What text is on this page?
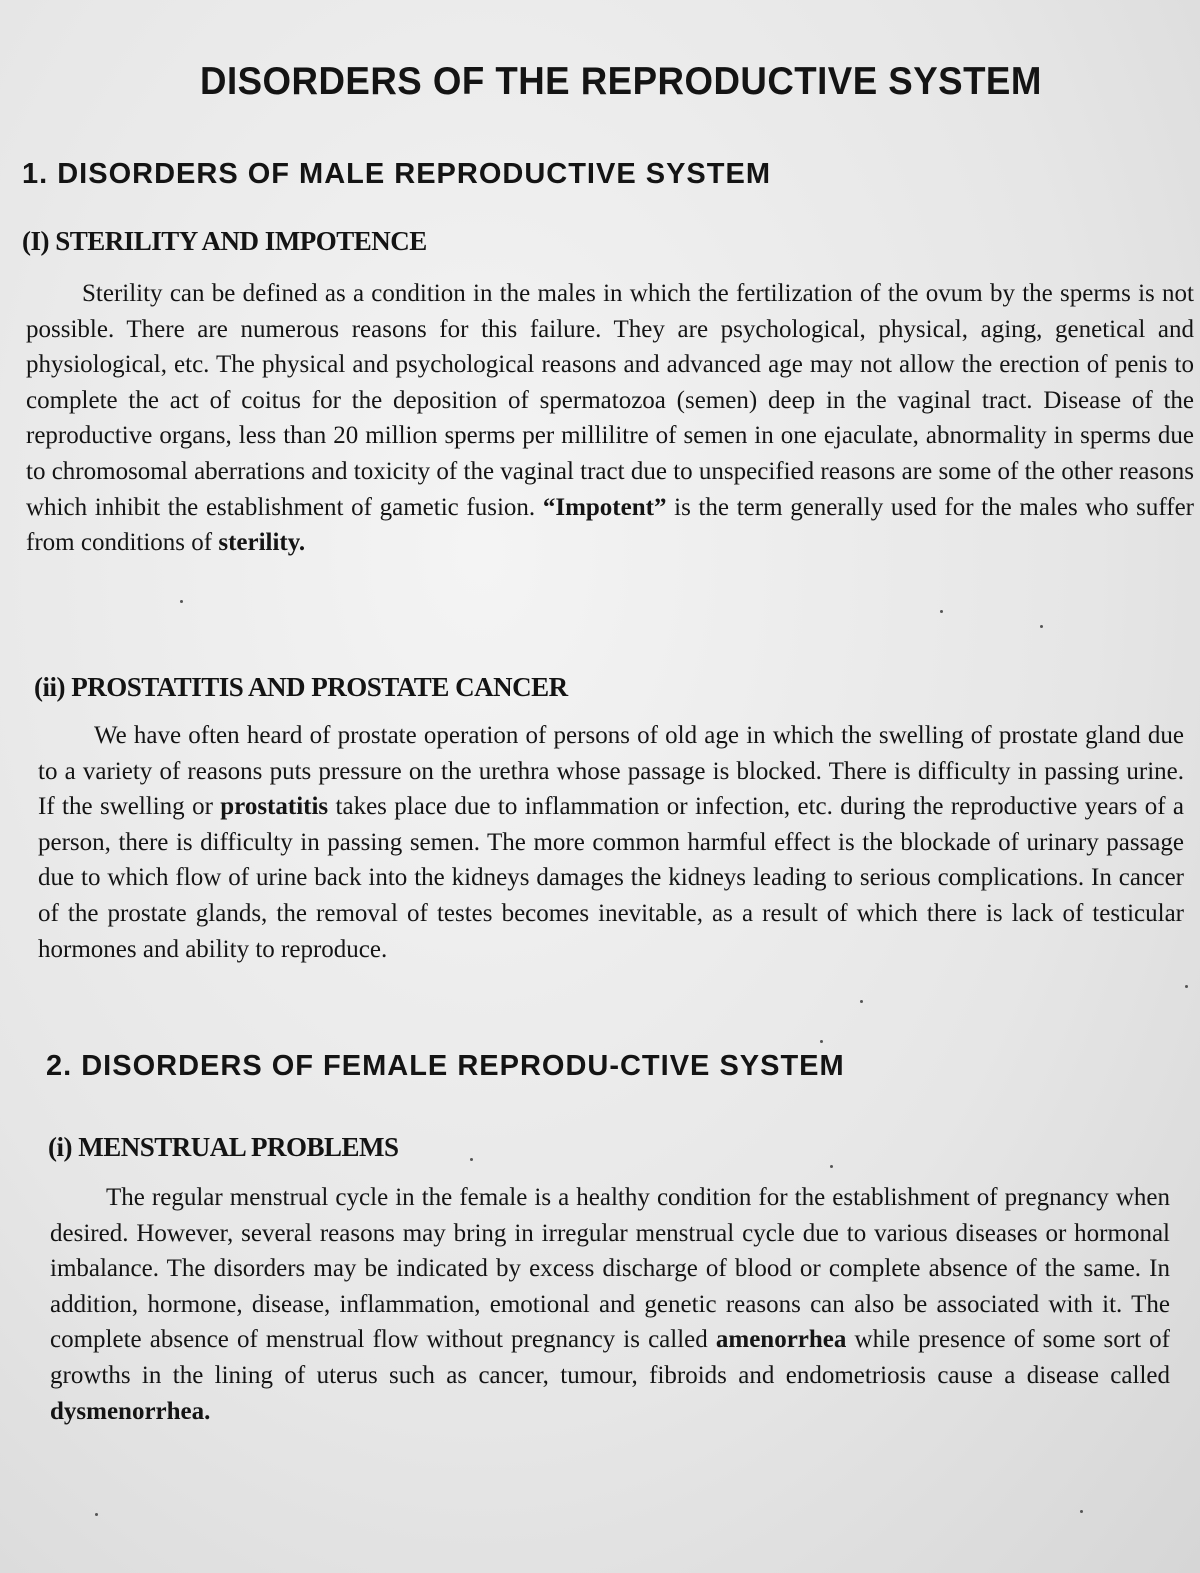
DISORDERS OF THE REPRODUCTIVE SYSTEM
1. DISORDERS OF MALE REPRODUCTIVE SYSTEM
(I) STERILITY AND IMPOTENCE

Sterility can be defined as a condition in the males in which the fertilization of the ovum by the sperms is not possible. There are numerous reasons for this failure. They are psychological, physical, aging, genetical and physiological, etc. The physical and psychological reasons and advanced age may not allow the erection of penis to complete the act of coitus for the deposition of spermatozoa (semen) deep in the vaginal tract. Disease of the reproductive organs, less than 20 million sperms per millilitre of semen in one ejaculate, abnormality in sperms due to chromosomal aberrations and toxicity of the vaginal tract due to unspecified reasons are some of the other reasons which inhibit the establishment of gametic fusion. “Impotent” is the term generally used for the males who suffer from conditions of sterility.

(ii) PROSTATITIS AND PROSTATE CANCER

We have often heard of prostate operation of persons of old age in which the swelling of prostate gland due to a variety of reasons puts pressure on the urethra whose passage is blocked. There is difficulty in passing urine. If the swelling or prostatitis takes place due to inflammation or infection, etc. during the reproductive years of a person, there is difficulty in passing semen. The more common harmful effect is the blockade of urinary passage due to which flow of urine back into the kidneys damages the kidneys leading to serious complications. In cancer of the prostate glands, the removal of testes becomes inevitable, as a result of which there is lack of testicular hormones and ability to reproduce.

2. DISORDERS OF FEMALE REPRODU-CTIVE SYSTEM
(i) MENSTRUAL PROBLEMS

The regular menstrual cycle in the female is a healthy condition for the establishment of pregnancy when desired. However, several reasons may bring in irregular menstrual cycle due to various diseases or hormonal imbalance. The disorders may be indicated by excess discharge of blood or complete absence of the same. In addition, hormone, disease, inflammation, emotional and genetic reasons can also be associated with it. The complete absence of menstrual flow without pregnancy is called amenorrhea while presence of some sort of growths in the lining of uterus such as cancer, tumour, fibroids and endometriosis cause a disease called dysmenorrhea.
